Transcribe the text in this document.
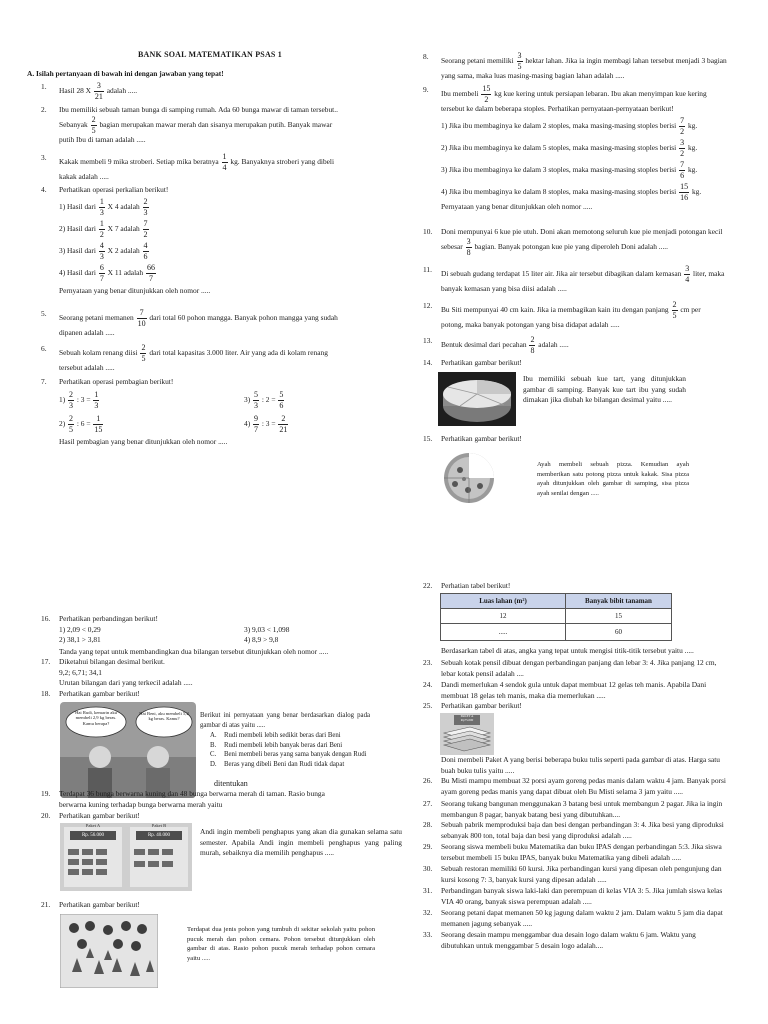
BANK SOAL MATEMATIKAN PSAS 1
A. Isilah pertanyaan di bawah ini dengan jawaban yang tepat!
1. Hasil 28 X $\frac{3}{21}$ adalah .....
2. Ibu memiliki sebuah taman bunga di samping rumah. Ada 60 bunga mawar di taman tersebut..
Sebanyak $\frac{2}{5}$ bagian merupakan mawar merah dan sisanya merupakan putih. Banyak mawar
putih Ibu di taman adalah .....
3. Kakak membeli 9 mika stroberi. Setiap mika beratnya $\frac{1}{4}$ kg. Banyaknya stroberi yang dibeli
kakak adalah .....
4. Perhatikan operasi perkalian berikut!
1) Hasil dari $\frac{1}{3}$ X 4 adalah $\frac{2}{3}$
2) Hasil dari $\frac{1}{2}$ X 7 adalah $\frac{7}{2}$
3) Hasil dari $\frac{4}{3}$ X 2 adalah $\frac{4}{6}$
4) Hasil dari $\frac{6}{7}$ X 11 adalah $\frac{66}{7}$
Pernyataan yang benar ditunjukkan oleh nomor .....
5. Seorang petani memanen $\frac{7}{10}$ dari total 60 pohon mangga. Banyak pohon mangga yang sudah
dipanen adalah .....
6. Sebuah kolam renang diisi $\frac{2}{5}$ dari total kapasitas 3.000 liter. Air yang ada di kolam renang
tersebut adalah .....
7. Perhatikan operasi pembagian berikut!
$1) \frac{2}{3}$ : $3 = \frac{1}{3}$	$3) \frac{5}{3}$ : $2 = \frac{5}{6}$
$2) \frac{2}{5}$ : $6 = \frac{1}{15}$	$4) \frac{9}{7}$ : $3 = \frac{2}{21}$
Hasil pembagian yang benar ditunjukkan oleh nomor .....
8. Seorang petani memiliki $\frac{3}{5}$ hektar lahan. Jika ia ingin membagi lahan tersebut menjadi 3 bagian
yang sama, maka luas masing-masing bagian lahan adalah .....
9. Ibu membeli $\frac{15}{2}$ kg kue kering untuk persiapan lebaran. Ibu akan menyimpan kue kering
tersebut ke dalam beberapa stoples. Perhatikan pernyataan-pernyataan berikut!
1) Jika ibu membaginya ke dalam 2 stoples, maka masing-masing stoples berisi $\frac{7}{2}$ kg.
2) Jika ibu membaginya ke dalam 5 stoples, maka masing-masing stoples berisi $\frac{3}{2}$ kg.
3) Jika ibu membaginya ke dalam 3 stoples, maka masing-masing stoples berisi $\frac{7}{6}$ kg.
4) Jika ibu membaginya ke dalam 8 stoples, maka masing-masing stoples berisi $\frac{15}{16}$ kg.
Pernyataan yang benar ditunjukkan oleh nomor .....
10. Doni mempunyai 6 kue pie utuh. Doni akan memotong seluruh kue pie menjadi potongan kecil
sebesar $\frac{3}{8}$ bagian. Banyak potongan kue pie yang diperoleh Doni adalah .....
11. Di sebuah gudang terdapat 15 liter air. Jika air tersebut dibagikan dalam kemasan $\frac{3}{4}$ liter, maka
banyak kemasan yang bisa diisi adalah .....
12. Bu Siti mempunyai 40 cm kain. Jika ia membagikan kain itu dengan panjang $\frac{2}{5}$ cm per
potong, maka banyak potongan yang bisa didapat adalah .....
13. Bentuk desimal dari pecahan $\frac{2}{8}$ adalah .....
14. Perhatikan gambar berikut!
Ibu memiliki sebuah kue tart, yang ditunjukkan gambar di samping. Banyak kue tart ibu yang sudah dimakan jika diubah ke bilangan desimal yaitu .....
15. Perhatikan gambar berikut!
Ayah membeli sebuah pizza. Kemudian ayah memberikan satu potong pizza untuk kakak. Sisa pizza ayah ditunjukkan oleh gambar di samping, sisa pizza ayah senilai dengan .....
16. Perhatikan perbandingan berikut!
1) 2,09 < 0,29	3) 9,03 < 1,098
2) 38,1 > 3,81	4) 8,9 > 9,8
Tanda yang tepat untuk membandingkan dua bilangan tersebut ditunjukkan oleh nomor .....
17. Diketahui bilangan desimal berikut.
9,2; 6,71; 34,1
Urutan bilangan dari yang terkecil adalah .....
18. Perhatikan gambar berikut!
Hai Rudi, kemarin aku membeli 2,9 kg beras. Kamu berapa?
Hai Beni, aku membeli 5,2 kg beras. Kamu?	Berikut ini pernyataan yang benar berdasarkan dialog pada gambar di atas yaitu .....
A. Rudi membeli lebih sedikit beras dari Beni
B. Rudi membeli lebih banyak beras dari Beni
C. Beni membeli beras yang sama banyak dengan Rudi
D. Beras yang dibeli Beni dan Rudi tidak dapat
ditentukan
19. Terdapat 36 bunga berwarna kuning dan 48 bunga berwarna merah di taman. Rasio bunga
berwarna kuning terhadap bunga berwarna merah yaitu
20. Perhatikan gambar berikut!
Paket A	Paket B
Rp. 56.000	Rp. 40.000	Andi ingin membeli penghapus yang akan dia gunakan selama satu semester. Apabila Andi ingin membeli penghapus yang paling murah, sebaiknya dia memilih penghapus .....
21. Perhatikan gambar berikut!
Terdapat dua jenis pohon yang tumbuh di sekitar sekolah yaitu pohon pucuk merah dan pohon cemara. Pohon tersebut ditunjukkan oleh gambar di atas. Rasio pohon pucuk merah terhadap pohon cemara yaitu .....
22. Perhatian tabel berikut!
Luas lahan (m²)	Banyak bibit tanaman
12	15
.....	60
Berdasarkan tabel di atas, angka yang tepat untuk mengisi titik-titik tersebut yaitu .....
23. Sebuah kotak pensil dibuat dengan perbandingan panjang dan lebar 3: 4. Jika panjang 12 cm,
lebar kotak pensil adalah ....
24. Dandi memerlukan 4 sendok gula untuk dapat membuat 12 gelas teh manis. Apabila Dani
membuat 18 gelas teh manis, maka dia memerlukan .....
25. Perhatikan gambar berikut!
PAKET A
Rp75.000
Doni membeli Paket A yang berisi beberapa buku tulis seperti pada gambar di atas. Harga satu
buah buku tulis yaitu .....
26. Bu Misti mampu membuat 32 porsi ayam goreng pedas manis dalam waktu 4 jam. Banyak porsi
ayam goreng pedas manis yang dapat dibuat oleh Bu Misti selama 3 jam yaitu .....
27. Seorang tukang bangunan menggunakan 3 batang besi untuk membangun 2 pagar. Jika ia ingin
membangun 8 pagar, banyak batang besi yang dibutuhkan....
28. Sebuah pabrik memproduksi baja dan besi dengan perbandingan 3: 4. Jika besi yang diproduksi
sebanyak 800 ton, total baja dan besi yang diproduksi adalah .....
29. Seorang siswa membeli buku Matematika dan buku IPAS dengan perbandingan 5:3. Jika siswa
tersebut membeli 15 buku IPAS, banyak buku Matematika yang dibeli adalah .....
30. Sebuah restoran memiliki 60 kursi. Jika perbandingan kursi yang dipesan oleh pengunjung dan
kursi kosong 7: 3, banyak kursi yang dipesan adalah .....
31. Perbandingan banyak siswa laki-laki dan perempuan di kelas VIA 3: 5. Jika jumlah siswa kelas
VIA 40 orang, banyak siswa perempuan adalah .....
32. Seorang petani dapat memanen 50 kg jagung dalam waktu 2 jam. Dalam waktu 5 jam dia dapat
memanen jagung sebanyak .....
33. Seorang desain mampu menggambar dua desain logo dalam waktu 6 jam. Waktu yang
dibutuhkan untuk menggambar 5 desain logo adalah....
